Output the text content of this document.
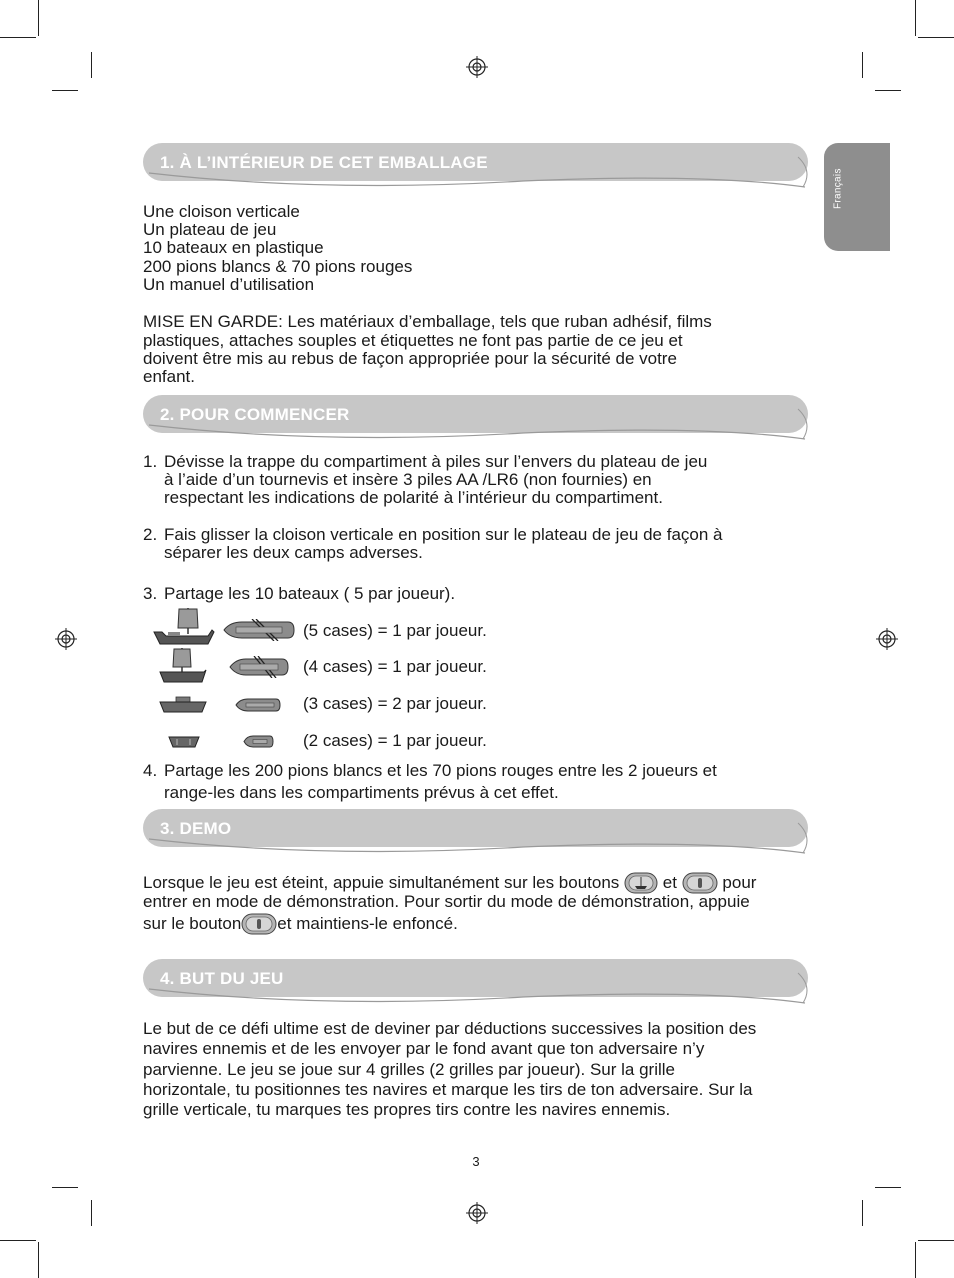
Français
1. À L’INTÉRIEUR DE CET EMBALLAGE
Une cloison verticale
Un plateau de jeu
10 bateaux en plastique
200 pions blancs & 70 pions rouges
Un manuel d’utilisation
MISE EN GARDE: Les matériaux d’emballage, tels que ruban adhésif, films
plastiques, attaches souples et étiquettes ne font pas partie de ce jeu et
doivent être mis au rebus de façon appropriée pour la sécurité de votre
enfant.
2. POUR COMMENCER
1. Dévisse la trappe du compartiment à piles sur l’envers du plateau de jeu
à l’aide d’un tournevis et insère 3 piles AA /LR6 (non fournies) en
respectant les indications de polarité à l’intérieur du compartiment.
2. Fais glisser la cloison verticale en position sur le plateau de jeu de façon à
séparer les deux camps adverses.
3. Partage les 10 bateaux ( 5 par joueur).
(5 cases) = 1 par joueur.
(4 cases) = 1 par joueur.
(3 cases) = 2 par joueur.
(2 cases) = 1 par joueur.
4. Partage les 200 pions blancs et les 70 pions rouges entre les 2 joueurs et
range-les dans les compartiments prévus à cet effet.
3. DEMO
Lorsque le jeu est éteint, appuie simultanément sur les boutons	et	pour
entrer en mode de démonstration. Pour sortir du mode de démonstration, appuie
sur le bouton et maintiens-le enfoncé.
4. BUT DU JEU
Le but de ce défi ultime est de deviner par déductions successives la position des
navires ennemis et de les envoyer par le fond avant que ton adversaire n’y
parvienne. Le jeu se joue sur 4 grilles (2 grilles par joueur). Sur la grille
horizontale, tu positionnes tes navires et marque les tirs de ton adversaire. Sur la
grille verticale, tu marques tes propres tirs contre les navires ennemis.
3
